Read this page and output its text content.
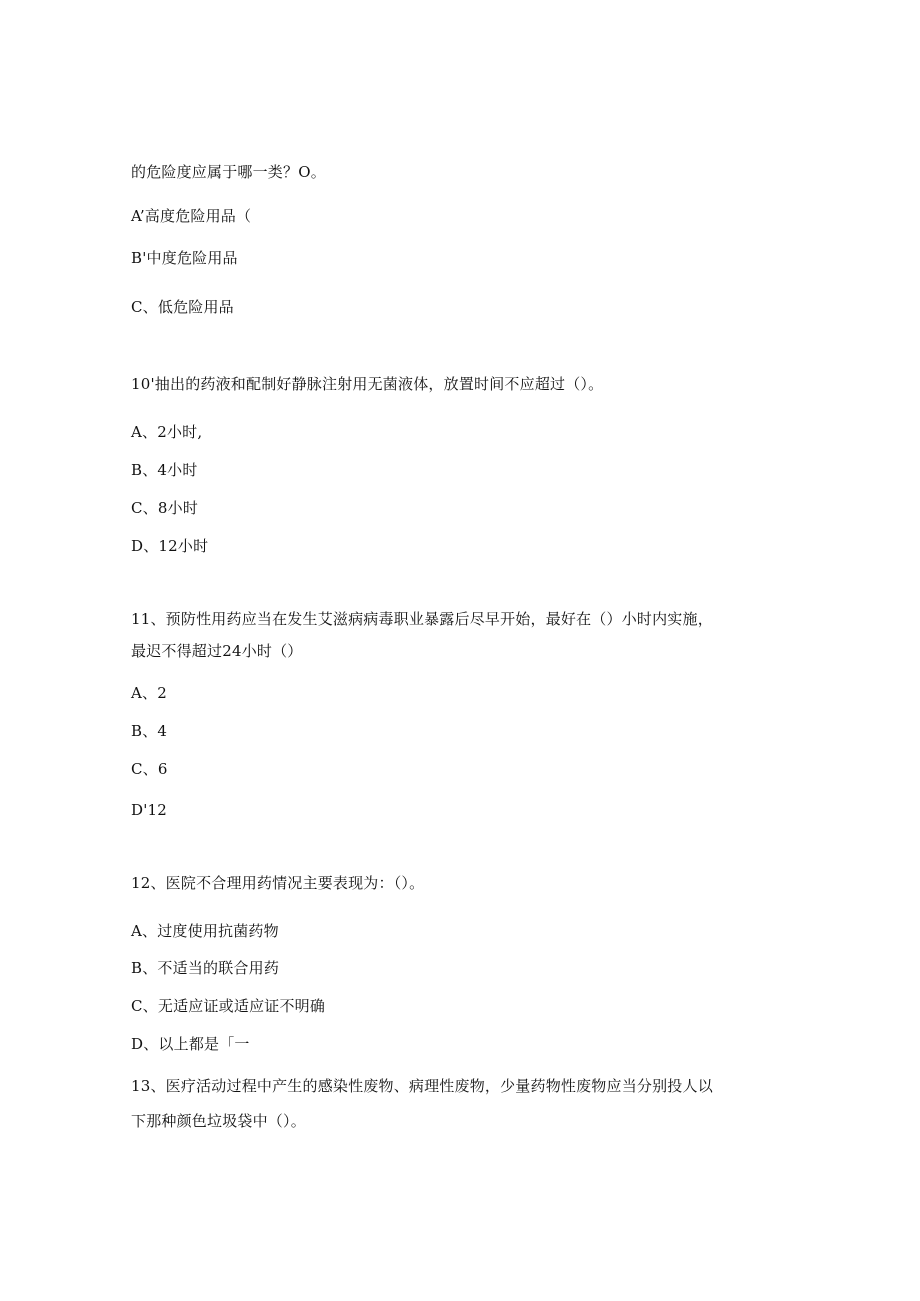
的危险度应属于哪一类？O。
A’高度危险用品（
B'中度危险用品
C、低危险用品
10'抽出的药液和配制好静脉注射用无菌液体，放置时间不应超过（）。
A、2小时,
B、4小时
C、8小时
D、12小时
11、预防性用药应当在发生艾滋病病毒职业暴露后尽早开始，最好在（）小时内实施，
最迟不得超过24小时（）
A、2
B、4
C、6
D'12
12、医院不合理用药情况主要表现为：（）。
A、过度使用抗菌药物
B、不适当的联合用药
C、无适应证或适应证不明确
D、以上都是「一
13、医疗活动过程中产生的感染性废物、病理性废物，少量药物性废物应当分别投人以
下那种颜色垃圾袋中（）。
